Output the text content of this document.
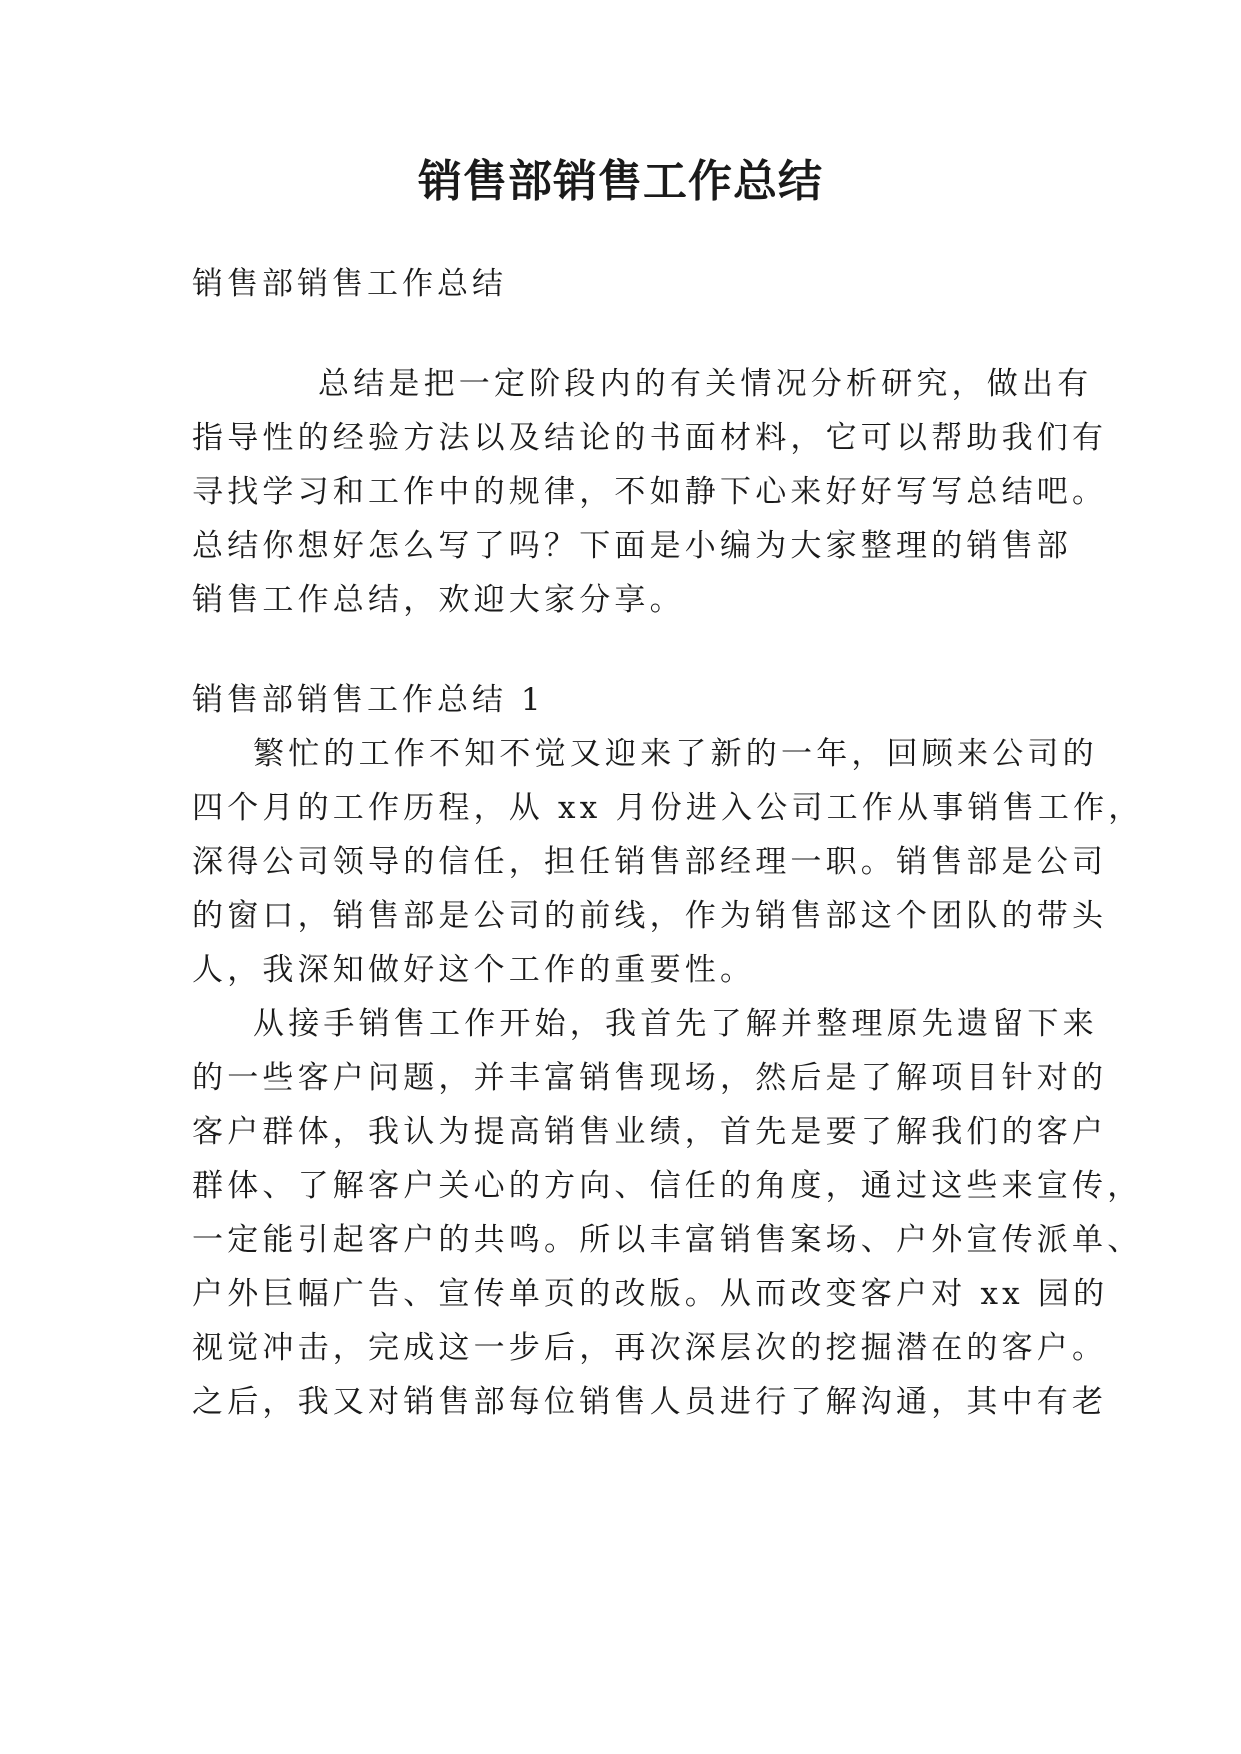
销售部销售工作总结

销售部销售工作总结

总结是把一定阶段内的有关情况分析研究，做出有

指导性的经验方法以及结论的书面材料，它可以帮助我们有

寻找学习和工作中的规律，不如静下心来好好写写总结吧。

总结你想好怎么写了吗？下面是小编为大家整理的销售部

销售工作总结，欢迎大家分享。

销售部销售工作总结 1

繁忙的工作不知不觉又迎来了新的一年，回顾来公司的

四个月的工作历程，从 xx 月份进入公司工作从事销售工作，

深得公司领导的信任，担任销售部经理一职。销售部是公司

的窗口，销售部是公司的前线，作为销售部这个团队的带头

人，我深知做好这个工作的重要性。

从接手销售工作开始，我首先了解并整理原先遗留下来

的一些客户问题，并丰富销售现场，然后是了解项目针对的

客户群体，我认为提高销售业绩，首先是要了解我们的客户

群体、了解客户关心的方向、信任的角度，通过这些来宣传，

一定能引起客户的共鸣。所以丰富销售案场、户外宣传派单、

户外巨幅广告、宣传单页的改版。从而改变客户对 xx 园的

视觉冲击，完成这一步后，再次深层次的挖掘潜在的客户。

之后，我又对销售部每位销售人员进行了解沟通，其中有老
